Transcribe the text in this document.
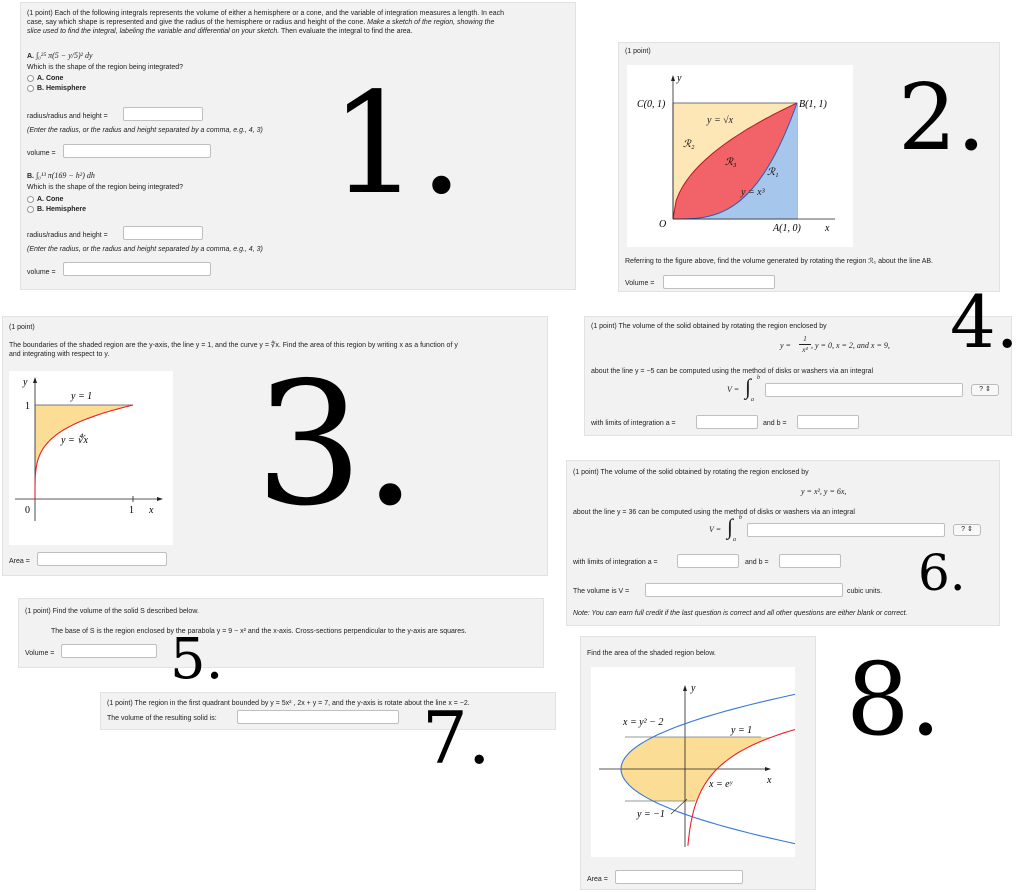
(1 point) Each of the following integrals represents the volume of either a hemisphere or a cone, and the variable of integration measures a length. In each
case, say which shape is represented and give the radius of the hemisphere or radius and height of the cone. Make a sketch of the region, showing the
slice used to find the integral, labeling the variable and differential on your sketch. Then evaluate the integral to find the area.
A. ∫₀²⁵ π(5 − y/5)² dy
Which is the shape of the region being integrated?
A. Cone
B. Hemisphere
radius/radius and height =
(Enter the radius, or the radius and height separated by a comma, e.g., 4, 3)
volume =
B. ∫₀¹³ π(169 − h²) dh
Which is the shape of the region being integrated?
A. Cone
B. Hemisphere
radius/radius and height =
(Enter the radius, or the radius and height separated by a comma, e.g., 4, 3)
volume =
1.
(1 point)
y
x
C(0, 1)	B(1, 1)
O	A(1, 0)
y = √x
y = x³
ℛ₂
ℛ₃
ℛ₁
Referring to the figure above, find the volume generated by rotating the region ℛ₁ about the line AB.
Volume =
2.
(1 point)
The boundaries of the shaded region are the y-axis, the line y = 1, and the curve y = ∜x. Find the area of this region by writing x as a function of y
and integrating with respect to y.
y
x
y = 1
y = ∜x
1
1
0
Area =
3.
(1 point) The volume of the solid obtained by rotating the region enclosed by
y =
1
x⁴ , y = 0, x = 2, and x = 9,
about the line y = −5 can be computed using the method of disks or washers via an integral
V = ∫ b
a
? ⇕
with limits of integration a =	and b =
4.
(1 point) The volume of the solid obtained by rotating the region enclosed by
y = x², y = 6x,
about the line y = 36 can be computed using the method of disks or washers via an integral
V = ∫ b
a
? ⇕
with limits of integration a =	and b =
The volume is V =	cubic units.
Note: You can earn full credit if the last question is correct and all other questions are either blank or correct.
6.
(1 point) Find the volume of the solid S described below.
The base of S is the region enclosed by the parabola y = 9 − x² and the x-axis. Cross-sections perpendicular to the y-axis are squares.
Volume = 5.
(1 point) The region in the first quadrant bounded by y = 5x² , 2x + y = 7, and the y-axis is rotate about the line x = −2.
The volume of the resulting solid is:	7.
Find the area of the shaded region below.
y
x
x = y² − 2
y = 1
x = eʸ
y = −1
Area =
8.
